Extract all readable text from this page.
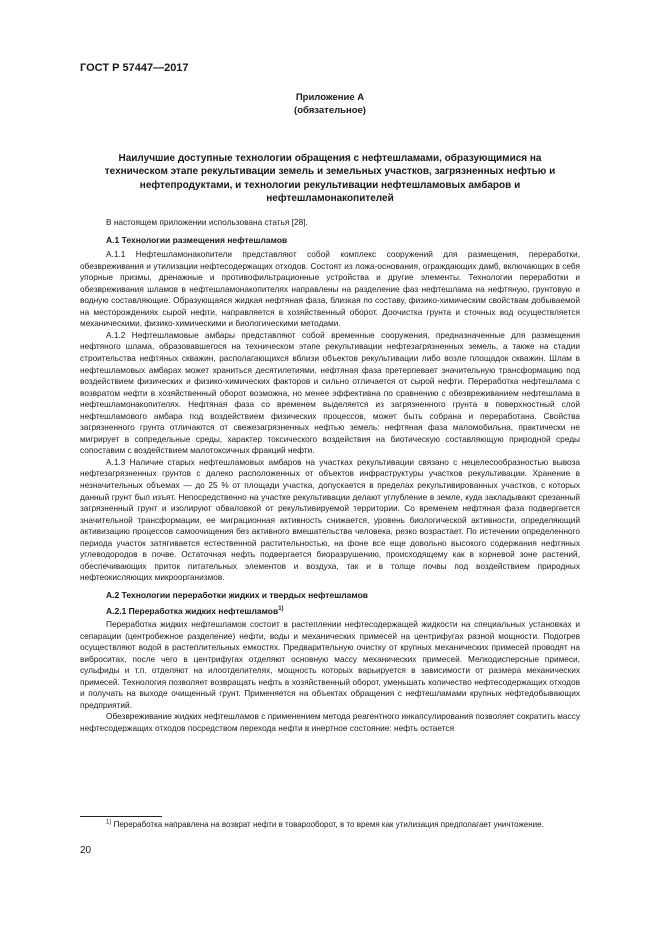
ГОСТ Р 57447—2017
Приложение А
(обязательное)
Наилучшие доступные технологии обращения с нефтешламами, образующимися на техническом этапе рекультивации земель и земельных участков, загрязненных нефтью и нефтепродуктами, и технологии рекультивации нефтешламовых амбаров и нефтешламонакопителей

В настоящем приложении использована статья [28].

А.1 Технологии размещения нефтешламов

А.1.1 Нефтешламонакопители представляют собой комплекс сооружений для размещения, переработки, обезвреживания и утилизации нефтесодержащих отходов. Состоят из ложа-основания, ограждающих дамб, включающих в себя упорные призмы, дренажные и противофильтрационные устройства и другие элементы. Технологии переработки и обезвреживания шламов в нефтешламонакопителях направлены на разделение фаз нефтешлама на нефтяную, грунтовую и водную составляющие. Образующаяся жидкая нефтяная фаза, близкая по составу, физико-химическим свойствам добываемой на месторождениях сырой нефти, направляется в хозяйственный оборот. Доочистка грунта и сточных вод осуществляется механическими, физико-химическими и биологическими методами.

А.1.2 Нефтешламовые амбары представляют собой временные сооружения, предназначенные для размещения нефтяного шлама, образовавшегося на техническом этапе рекультивации нефтезагрязненных земель, а также на стадии строительства нефтяных скважин, располагающихся вблизи объектов рекультивации либо возле площадок скважин. Шлам в нефтешламовых амбарах может храниться десятилетиями, нефтяная фаза претерпевает значительную трансформацию под воздействием физических и физико-химических факторов и сильно отличается от сырой нефти. Переработка нефтешлама с возвратом нефти в хозяйственный оборот возможна, но менее эффективна по сравнению с обезвреживанием нефтешлама в нефтешламонакопителях. Нефтяная фаза со временем выделяется из загрязненного грунта в поверхностный слой нефтешламового амбара под воздействием физических процессов, может быть собрана и переработана. Свойства загрязненного грунта отличаются от свежезагрязненных нефтью земель: нефтяная фаза маломобильна, практически не мигрирует в сопредельные среды, характер токсического воздействия на биотическую составляющую природной среды сопоставим с воздействием малотоксичных фракций нефти.

А.1.3 Наличие старых нефтешламовых амбаров на участках рекультивации связано с нецелесообразностью вывоза нефтезагрязненных грунтов с далеко расположенных от объектов инфраструктуры участков рекультивации. Хранение в незначительных объемах — до 25 % от площади участка, допускается в пределах рекультивированных участков, с которых данный грунт был изъят. Непосредственно на участке рекультивации делают углубление в земле, куда закладывают срезанный загрязненный грунт и изолируют обваловкой от рекультивируемой территории. Со временем нефтяная фаза подвергается значительной трансформации, ее миграционная активность снижается, уровень биологической активности, определяющий активизацию процессов самоочищения без активного вмешательства человека, резко возрастает. По истечении определенного периода участок затягивается естественной растительностью, на фоне все еще довольно высокого содержания нефтяных углеводородов в почве. Остаточная нефть подвергается биоразрушению, происходящему как в корневой зоне растений, обеспечивающих приток питательных элементов и воздуха, так и в толще почвы под воздействием природных нефтеокисляющих микроорганизмов.

А.2 Технологии переработки жидких и твердых нефтешламов
А.2.1 Переработка жидких нефтешламов$^{1)}$

Переработка жидких нефтешламов состоит в растеплении нефтесодержащей жидкости на специальных установках и сепарации (центробежное разделение) нефти, воды и механических примесей на центрифугах разной мощности. Подогрев осуществляют водой в растеплительных емкостях. Предварительную очистку от крупных механических примесей проводят на виброситах, после чего в центрифугах отделяют основную массу механических примесей. Мелкодисперсные примеси, сульфиды и т.п. отделяют на илоотделителях, мощность которых варьируется в зависимости от размера механических примесей. Технология позволяет возвращать нефть в хозяйственный оборот, уменьшать количество нефтесодержащих отходов и получать на выходе очищенный грунт. Применяется на объектах обращения с нефтешламами крупных нефтедобывающих предприятий.

Обезвреживание жидких нефтешламов с применением метода реагентного инкапсулирования позволяет сократить массу нефтесодержащих отходов посредством перехода нефти в инертное состояние: нефть остается

$^{1)}$ Переработка направлена на возврат нефти в товарооборот, в то время как утилизация предполагает уничтожение.
20
